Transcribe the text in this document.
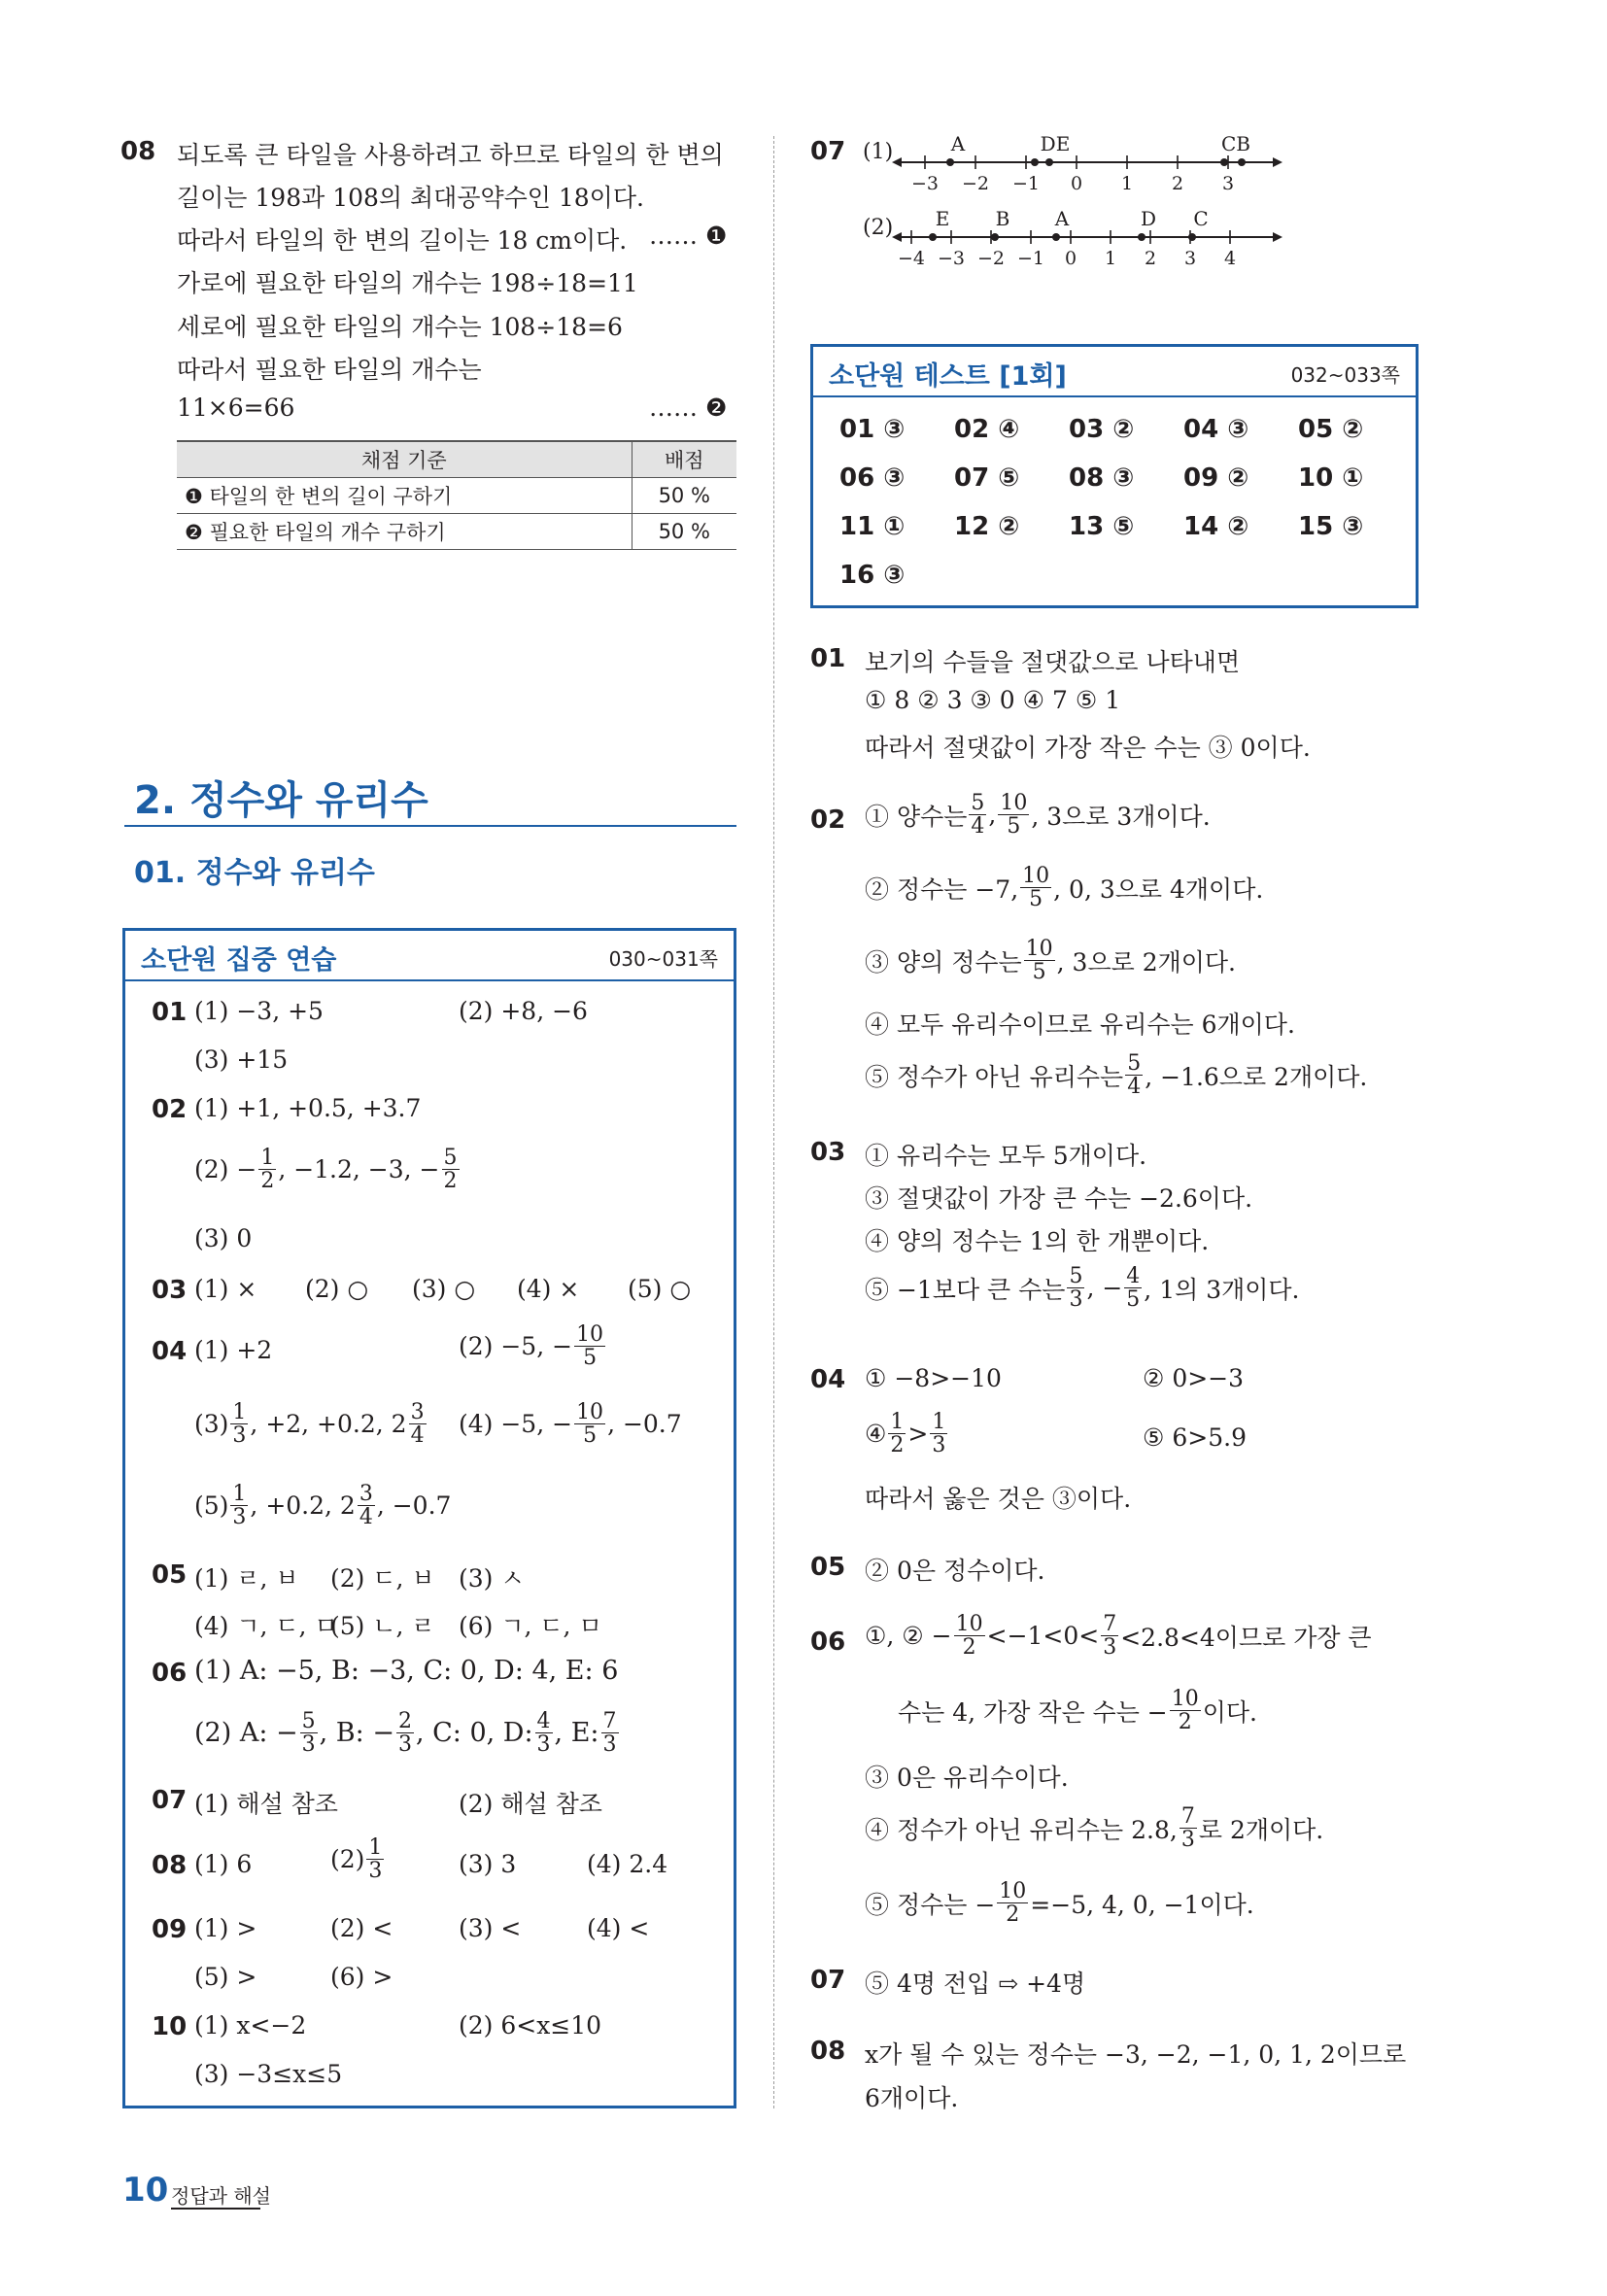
08 되도록 큰 타일을 사용하려고 하므로 타일의 한 변의
길이는 198과 108의 최대공약수인 18이다.
따라서 타일의 한 변의 길이는 18 cm이다. …… ❶
가로에 필요한 타일의 개수는 198÷18=11
세로에 필요한 타일의 개수는 108÷18=6
따라서 필요한 타일의 개수는
11×6=66	…… ❷
채점 기준	배점
❶ 타일의 한 변의 길이 구하기	50 %
❷ 필요한 타일의 개수 구하기	50 %
2. 정수와 유리수
01. 정수와 유리수
소단원 집중 연습	030~031쪽
01 (1) −3, +5	(2) +8, −6
(3) +15
02 (1) +1, +0.5, +3.7
$(2) - \frac{1}{2}$ , −1.2, −3, − $\frac{5}{2}$
(3) 0
03 (1) × (2) ○ (3) ○ (4) × (5) ○
04 (1) +2	(2) −5, − $\frac{10}{5}$
$(3) \frac{1}{3}$ , +2, +0.2, $2 \frac{3}{4} (4) -5$, − $\frac{10}{5}$ , −0.7
$(5) \frac{1}{3}$ , +0.2, $2 \frac{3}{4}$ , −0.7
05 (1) ㄹ, ㅂ (2) ㄷ, ㅂ (3) ㅅ
(4) ㄱ, ㄷ, ㅁ
(5) ㄴ, ㄹ (6) ㄱ, ㄷ, ㅁ
06 (1) A: −5, B: −3, C: 0, D: 4, E: 6
(2) A: − $\frac{5}{3}$ , B: − $\frac{2}{3}$ , C: 0, D: $\frac{4}{3}$ , E: $\frac{7}{3}$
07 (1) 해설 참조	(2) 해설 참조
08 (1) 6	$(2) \frac{1}{3}$	(3) 3	(4) 2.4
09 (1) >	(2) <	(3) <	(4) <
(5) >	(6) >
10 (1) x<−2	(2) 6<x≤10
(3) −3≤x≤5
07 (1)
(2)
−3 −2 −1 0 1 2 3
A	DE	CB
−4 −3 −2 −1 0 1 2 3 4
E B A	D C
소단원 테스트 [1회]	032~033쪽
01 ③ 02 ④ 03 ② 04 ③ 05 ②
06 ③ 07 ⑤ 08 ③ 09 ② 10 ①
11 ① 12 ② 13 ⑤ 14 ② 15 ③
16 ③
01 보기의 수들을 절댓값으로 나타내면
① 8 ② 3 ③ 0 ④ 7 ⑤ 1
따라서 절댓값이 가장 작은 수는 ③ 0이다.
02 ① 양수는 $\frac{5}{4}$ , $\frac{10}{5}$ , 3으로 3개이다.
② 정수는 −7, $\frac{10}{5}$ , 0, 3으로 4개이다.
③ 양의 정수는 $\frac{10}{5}$ , 3으로 2개이다.
④ 모두 유리수이므로 유리수는 6개이다.
⑤ 정수가 아닌 유리수는 $\frac{5}{4}$ , −1.6으로 2개이다.
03 ① 유리수는 모두 5개이다.
③ 절댓값이 가장 큰 수는 −2.6이다.
④ 양의 정수는 1의 한 개뿐이다.
⑤ −1보다 큰 수는 $\frac{5}{3}$ , − $\frac{4}{5}$ , 1의 3개이다.
04 ① −8>−10	② 0>−3
④ $\frac{1}{2} > \frac{1}{3}$	⑤ 6>5.9
따라서 옳은 것은 ③이다.
05 ② 0은 정수이다.
06 ①, ② − $\frac{10}{2} <-1<0< \frac{7}{3} <2.8<4$이므로 가장 큰
수는 4, 가장 작은 수는 − $\frac{10}{2}$ 이다.
③ 0은 유리수이다.
④ 정수가 아닌 유리수는 2.8, $\frac{7}{3}$ 로 2개이다.
⑤ 정수는 − $\frac{10}{2} =-5$, 4, 0, −1이다.
07 ⑤ 4명 전입 ⇨ +4명
08 x가 될 수 있는 정수는 −3, −2, −1, 0, 1, 2이므로
6개이다.
10 정답과 해설
